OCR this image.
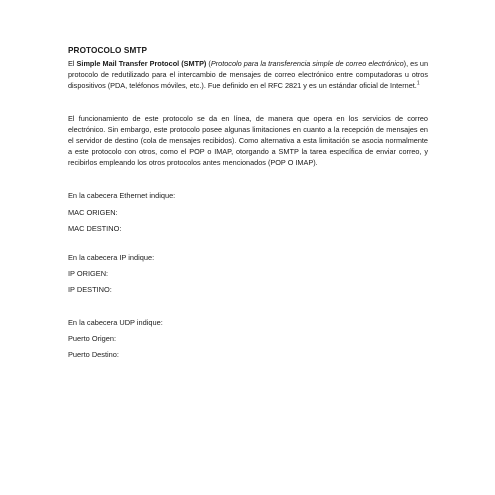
PROTOCOLO SMTP

El Simple Mail Transfer Protocol (SMTP) (Protocolo para la transferencia simple de correo electrónico), es un protocolo de redutilizado para el intercambio de mensajes de correo electrónico entre computadoras u otros dispositivos (PDA, teléfonos móviles, etc.). Fue definido en el RFC 2821 y es un estándar oficial de Internet.$^1$

El funcionamiento de este protocolo se da en línea, de manera que opera en los servicios de correo electrónico. Sin embargo, este protocolo posee algunas limitaciones en cuanto a la recepción de mensajes en el servidor de destino (cola de mensajes recibidos). Como alternativa a esta limitación se asocia normalmente a este protocolo con otros, como el POP o IMAP, otorgando a SMTP la tarea específica de enviar correo, y recibirlos empleando los otros protocolos antes mencionados (POP O IMAP).

En la cabecera Ethernet indique:

MAC ORIGEN:

MAC DESTINO:

En la cabecera IP indique:

IP ORIGEN:

IP DESTINO:

En la cabecera UDP indique:

Puerto Origen:

Puerto Destino:
